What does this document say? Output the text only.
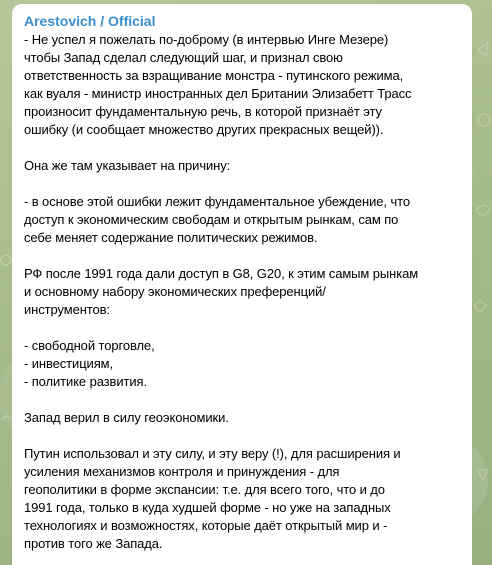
Arestovich / Official

- Не успел я пожелать по-доброму (в интервью Инге Мезере)

чтобы Запад сделал следующий шаг, и признал свою

ответственность за взращивание монстра - путинского режима,

как вуаля - министр иностранных дел Британии Элизабетт Трасс

произносит фундаментальную речь, в которой признаёт эту

ошибку (и сообщает множество других прекрасных вещей)).

Она же там указывает на причину:

- в основе этой ошибки лежит фундаментальное убеждение, что

доступ к экономическим свободам и открытым рынкам, сам по

себе меняет содержание политических режимов.

РФ после 1991 года дали доступ в G8, G20, к этим самым рынкам

и основному набору экономических преференций/

инструментов:

- свободной торговле,

- инвестициям,

- политике развития.

Запад верил в силу геоэкономики.

Путин использовал и эту силу, и эту веру (!), для расширения и

усиления механизмов контроля и принуждения - для

геополитики в форме экспансии: т.е. для всего того, что и до

1991 года, только в куда худшей форме - но уже на западных

технологиях и возможностях, которые даёт открытый мир и -

против того же Запада.
